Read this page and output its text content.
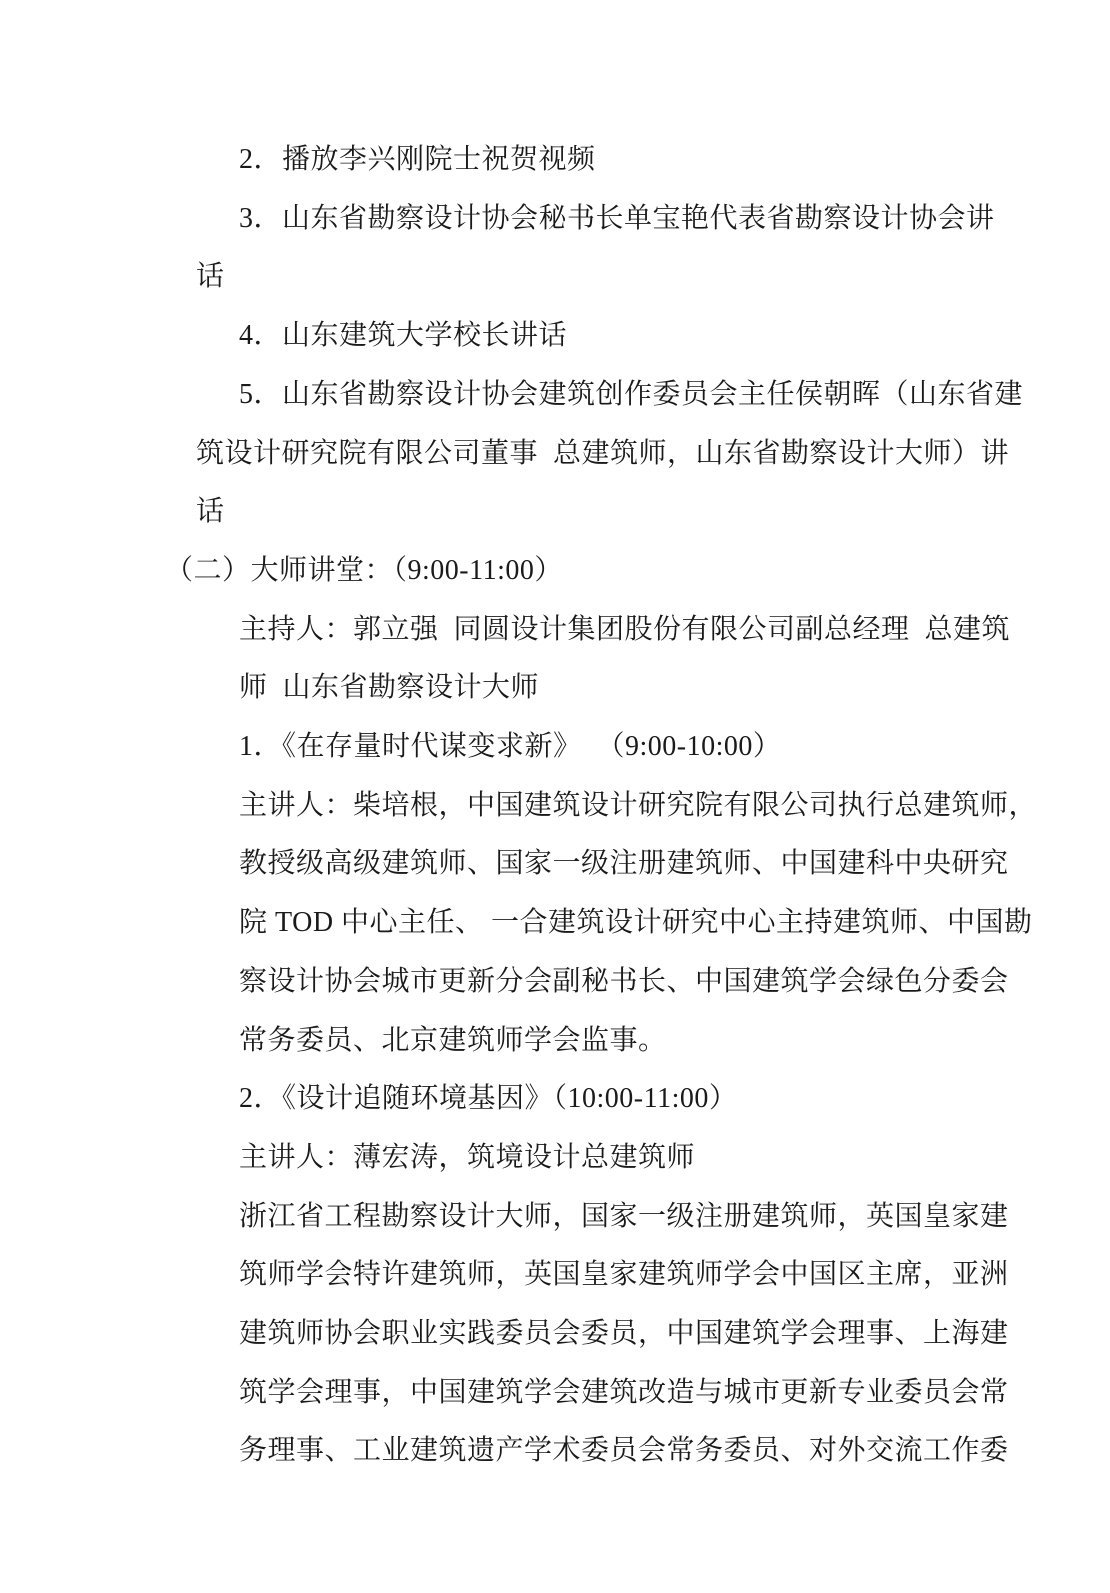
2．播放李兴刚院士祝贺视频
3．山东省勘察设计协会秘书长单宝艳代表省勘察设计协会讲
话
4．山东建筑大学校长讲话
5．山东省勘察设计协会建筑创作委员会主任侯朝晖（山东省建
筑设计研究院有限公司董事  总建筑师，山东省勘察设计大师）讲
话
（二）大师讲堂：（9:00-11:00）
主持人：郭立强  同圆设计集团股份有限公司副总经理  总建筑
师  山东省勘察设计大师
1．《在存量时代谋变求新》  （9:00-10:00）
主讲人：柴培根，中国建筑设计研究院有限公司执行总建筑师，
教授级高级建筑师、国家一级注册建筑师、中国建科中央研究
院 TOD 中心主任、 一合建筑设计研究中心主持建筑师、中国勘
察设计协会城市更新分会副秘书长、中国建筑学会绿色分委会
常务委员、北京建筑师学会监事。
2．《设计追随环境基因》（10:00-11:00）
主讲人：薄宏涛，筑境设计总建筑师
浙江省工程勘察设计大师，国家一级注册建筑师，英国皇家建
筑师学会特许建筑师，英国皇家建筑师学会中国区主席，亚洲
建筑师协会职业实践委员会委员，中国建筑学会理事、上海建
筑学会理事，中国建筑学会建筑改造与城市更新专业委员会常
务理事、工业建筑遗产学术委员会常务委员、对外交流工作委
